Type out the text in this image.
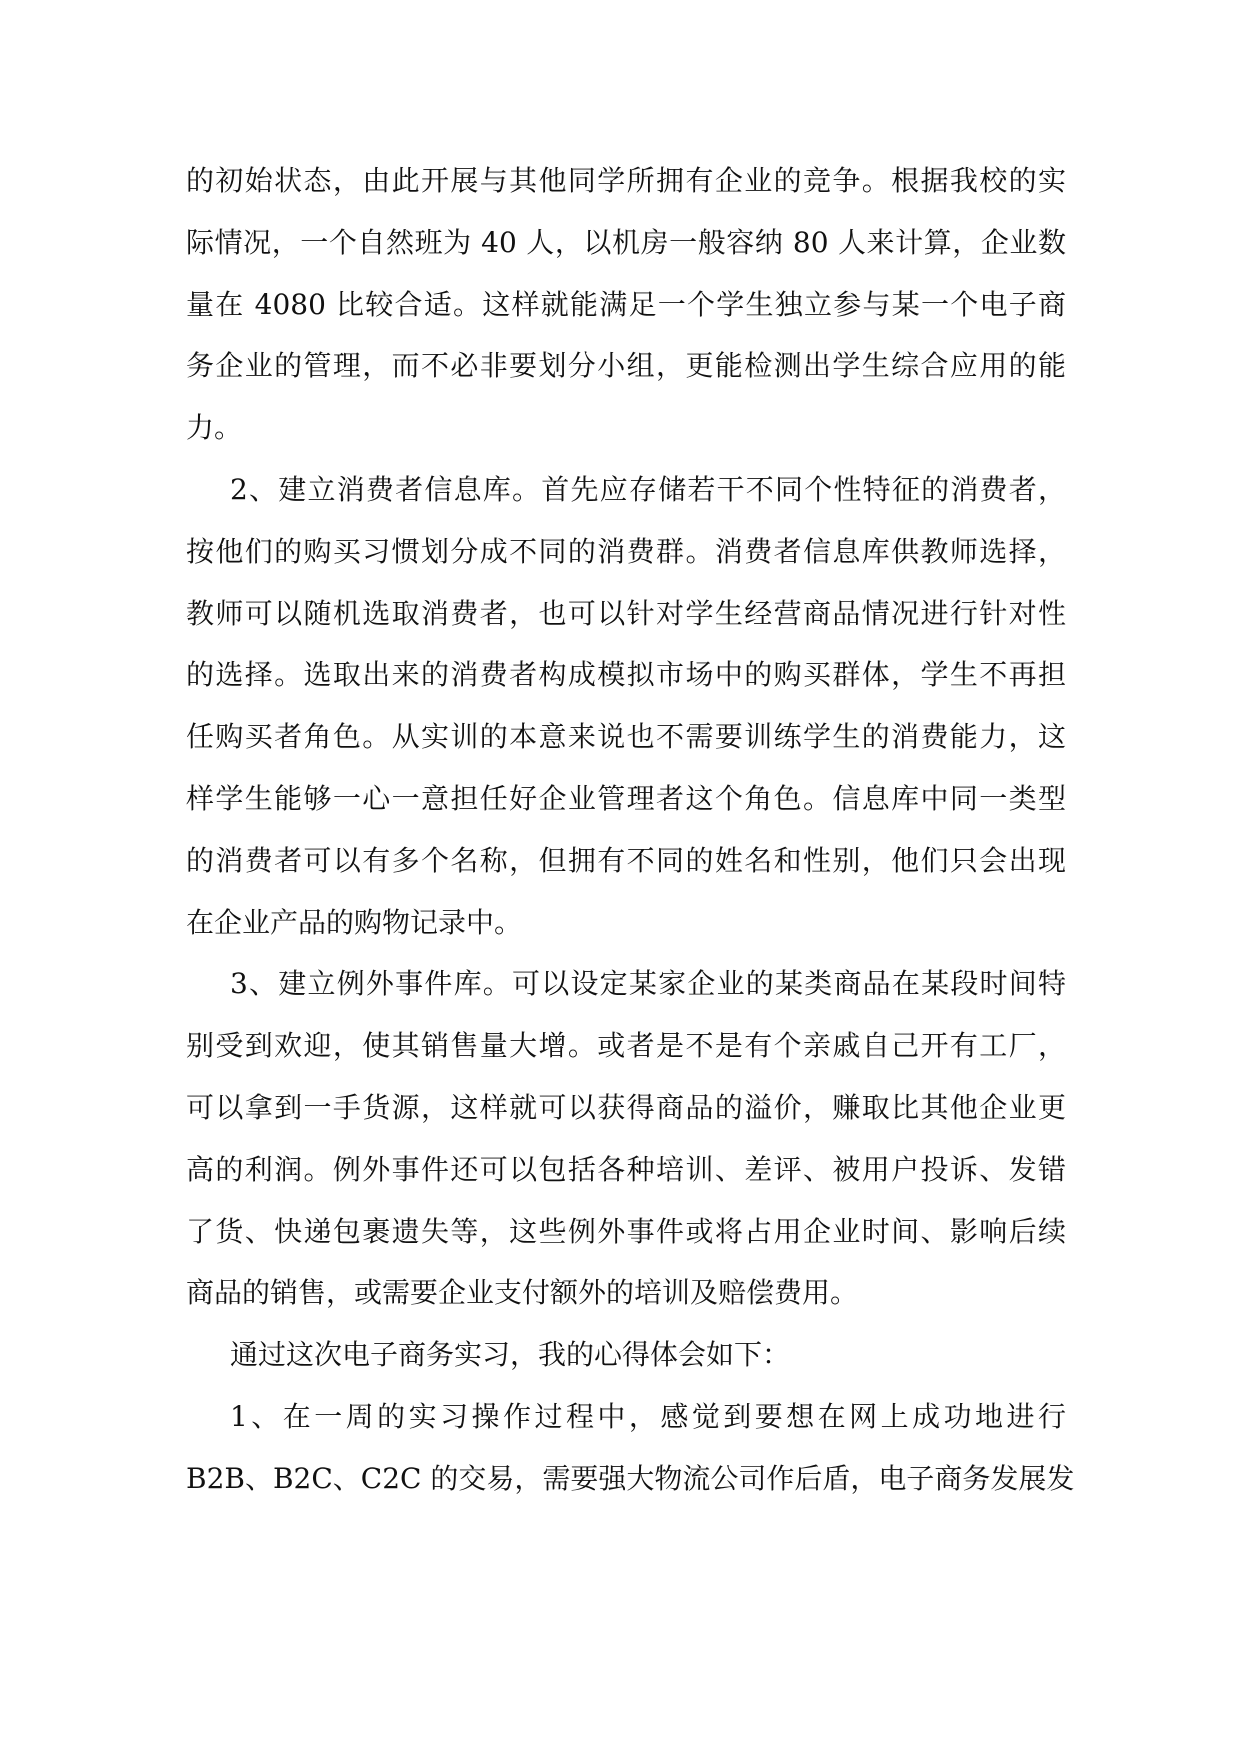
的初始状态，由此开展与其他同学所拥有企业的竞争。根据我校的实
际情况，一个自然班为 40 人，以机房一般容纳 80 人来计算，企业数
量在 4080 比较合适。这样就能满足一个学生独立参与某一个电子商
务企业的管理，而不必非要划分小组，更能检测出学生综合应用的能
力。
2、建立消费者信息库。首先应存储若干不同个性特征的消费者，
按他们的购买习惯划分成不同的消费群。消费者信息库供教师选择，
教师可以随机选取消费者，也可以针对学生经营商品情况进行针对性
的选择。选取出来的消费者构成模拟市场中的购买群体，学生不再担
任购买者角色。从实训的本意来说也不需要训练学生的消费能力，这
样学生能够一心一意担任好企业管理者这个角色。信息库中同一类型
的消费者可以有多个名称，但拥有不同的姓名和性别，他们只会出现
在企业产品的购物记录中。
3、建立例外事件库。可以设定某家企业的某类商品在某段时间特
别受到欢迎，使其销售量大增。或者是不是有个亲戚自己开有工厂，
可以拿到一手货源，这样就可以获得商品的溢价，赚取比其他企业更
高的利润。例外事件还可以包括各种培训、差评、被用户投诉、发错
了货、快递包裹遗失等，这些例外事件或将占用企业时间、影响后续
商品的销售，或需要企业支付额外的培训及赔偿费用。
通过这次电子商务实习，我的心得体会如下：
1、在一周的实习操作过程中，感觉到要想在网上成功地进行
B2B、B2C、C2C 的交易，需要强大物流公司作后盾，电子商务发展发
